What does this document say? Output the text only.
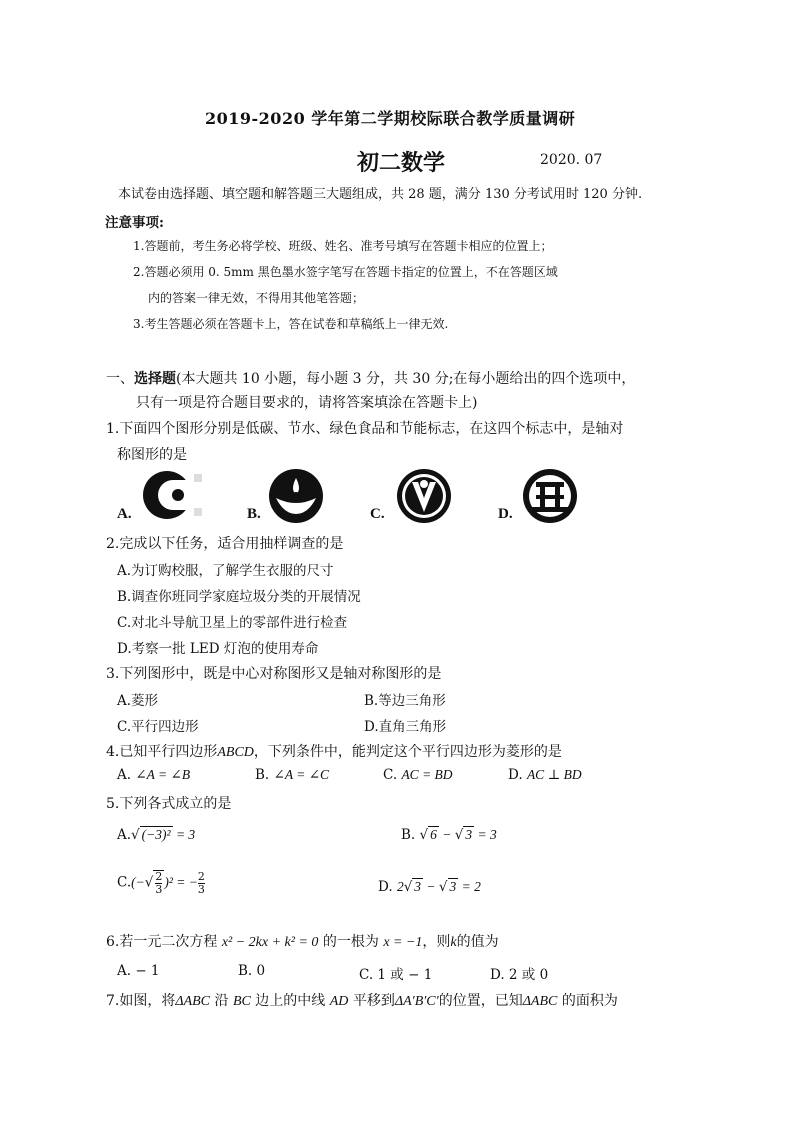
2019-2020 学年第二学期校际联合教学质量调研
初二数学	2020. 07
本试卷由选择题、填空题和解答题三大题组成，共 28 题，满分 130 分考试用时 120 分钟.
注意事项:
1.答题前，考生务必将学校、班级、姓名、准考号填写在答题卡相应的位置上；
2.答题必须用 0. 5mm 黑色墨水签字笔写在答题卡指定的位置上，不在答题区域
内的答案一律无效，不得用其他笔答题；
3.考生答题必须在答题卡上，答在试卷和草稿纸上一律无效.
一、选择题(本大题共 10 小题，每小题 3 分，共 30 分;在每小题给出的四个选项中，
只有一项是符合题目要求的，请将答案填涂在答题卡上)
1.下面四个图形分别是低碳、节水、绿色食品和节能标志，在这四个标志中，是轴对
称图形的是
A.	B.	C.	D.
2.完成以下任务，适合用抽样调查的是
A.为订购校服，了解学生衣服的尺寸
B.调查你班同学家庭垃圾分类的开展情况
C.对北斗导航卫星上的零部件进行检查
D.考察一批 LED 灯泡的使用寿命
3.下列图形中，既是中心对称图形又是轴对称图形的是
A.菱形	B.等边三角形
C.平行四边形	D.直角三角形
4.已知平行四边形ABCD，下列条件中，能判定这个平行四边形为菱形的是
A. ∠A = ∠B	B. ∠A = ∠C	C. AC = BD	D. AC ⊥ BD
5.下列各式成立的是
A.√ (−3)² = 3	B. √ 6 − √ 3 = 3
$C.(-√ \frac{2}{3} )^2$ = − $\frac{2}{3}$	D. 2√ 3 − √ 3 = 2
6.若一元二次方程 x² − 2kx + k² = 0 的一根为 x = −1，则k的值为
A. − 1	B. 0	C. 1 或 − 1	D. 2 或 0
7.如图，将ΔABC 沿 BC 边上的中线 AD 平移到ΔA′B′C′的位置，已知ΔABC 的面积为
